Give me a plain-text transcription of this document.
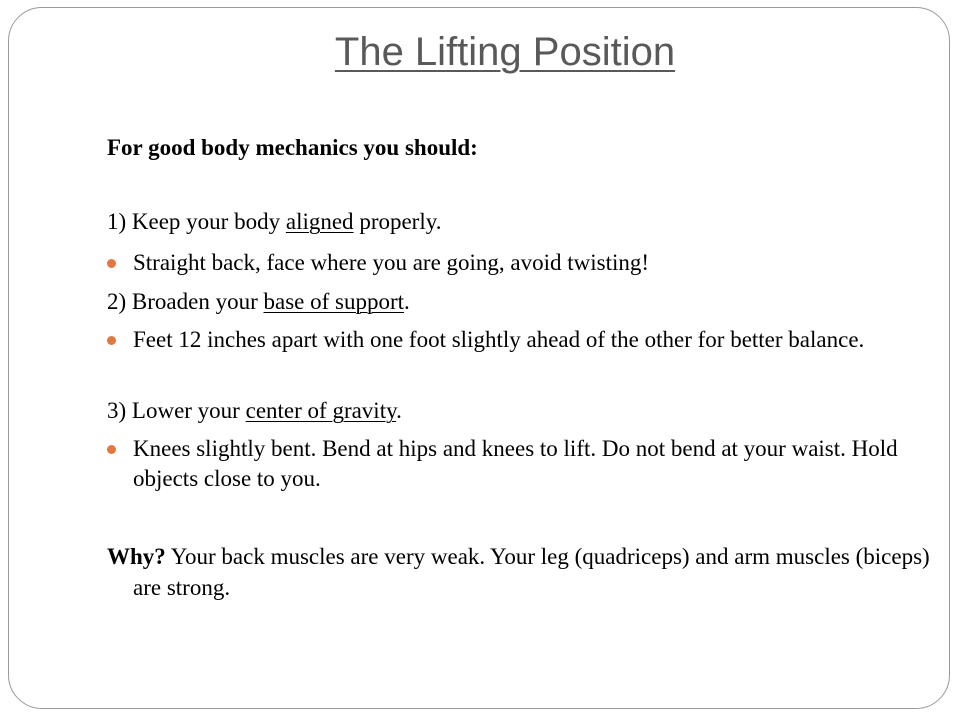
The Lifting Position
For good body mechanics you should:
1) Keep your body aligned properly.
Straight back, face where you are going, avoid twisting!
2) Broaden your base of support.
Feet 12 inches apart with one foot slightly ahead of the other for better balance.
3) Lower your center of gravity.
Knees slightly bent. Bend at hips and knees to lift. Do not bend at your waist. Hold objects close to you.
Why? Your back muscles are very weak. Your leg (quadriceps) and arm muscles (biceps) are strong.
